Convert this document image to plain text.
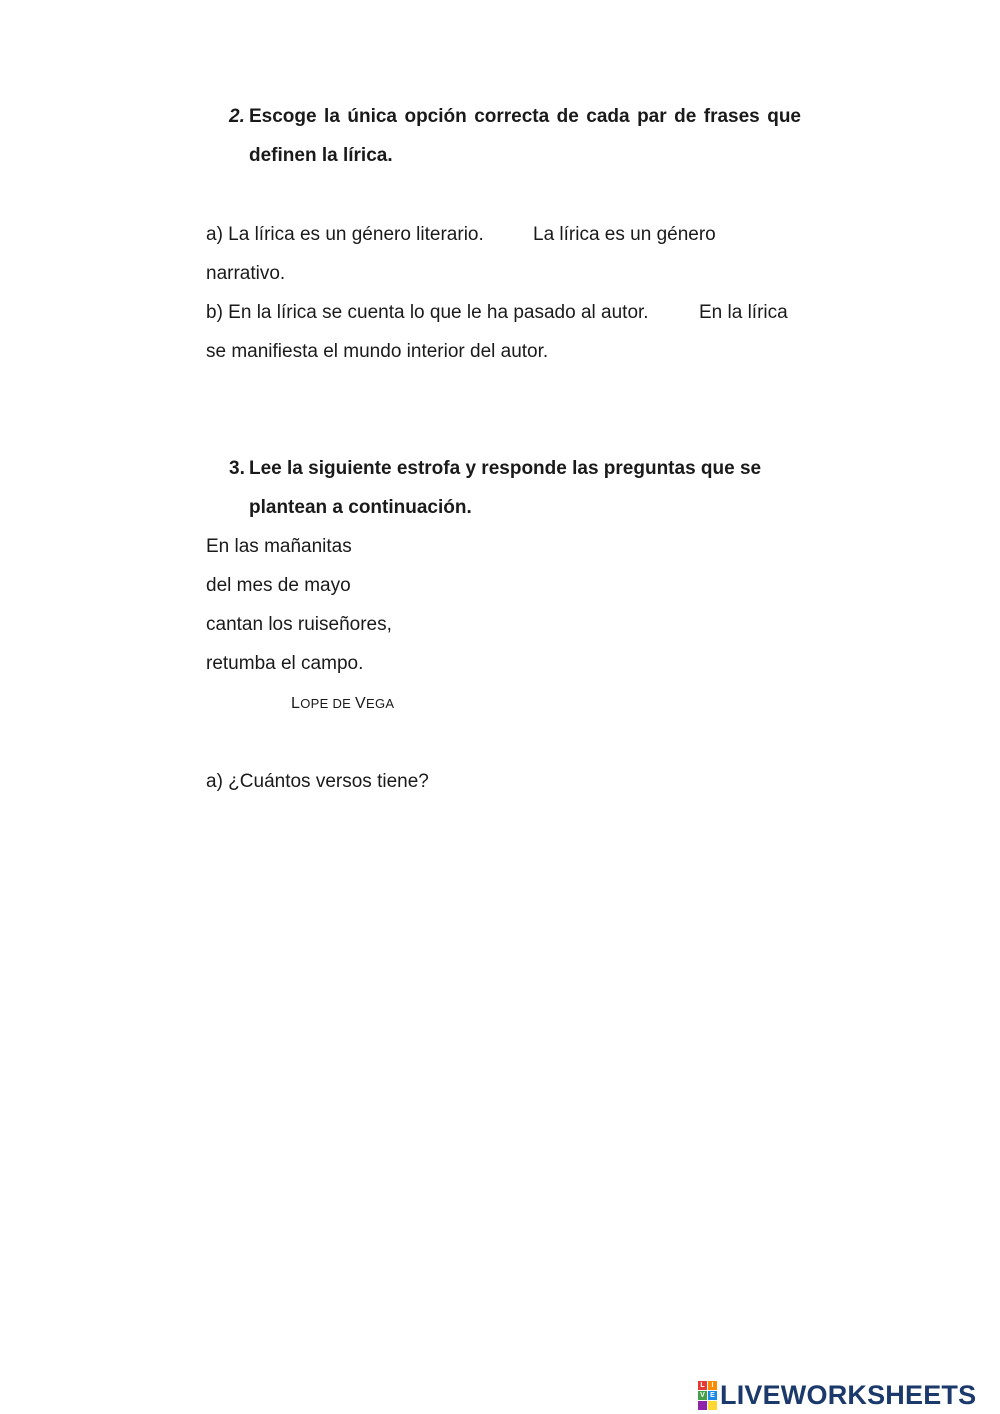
2. Escoge la única opción correcta de cada par de frases que
definen la lírica.
a) La lírica es un género literario.	La lírica es un género
narrativo.
b) En la lírica se cuenta lo que le ha pasado al autor.	En la lírica
se manifiesta el mundo interior del autor.
3. Lee la siguiente estrofa y responde las preguntas que se
plantean a continuación.
En las mañanitas
del mes de mayo
cantan los ruiseñores,
retumba el campo.
LOPE DE VEGA
a) ¿Cuántos versos tiene?
L I
V E LIVEWORKSHEETS
